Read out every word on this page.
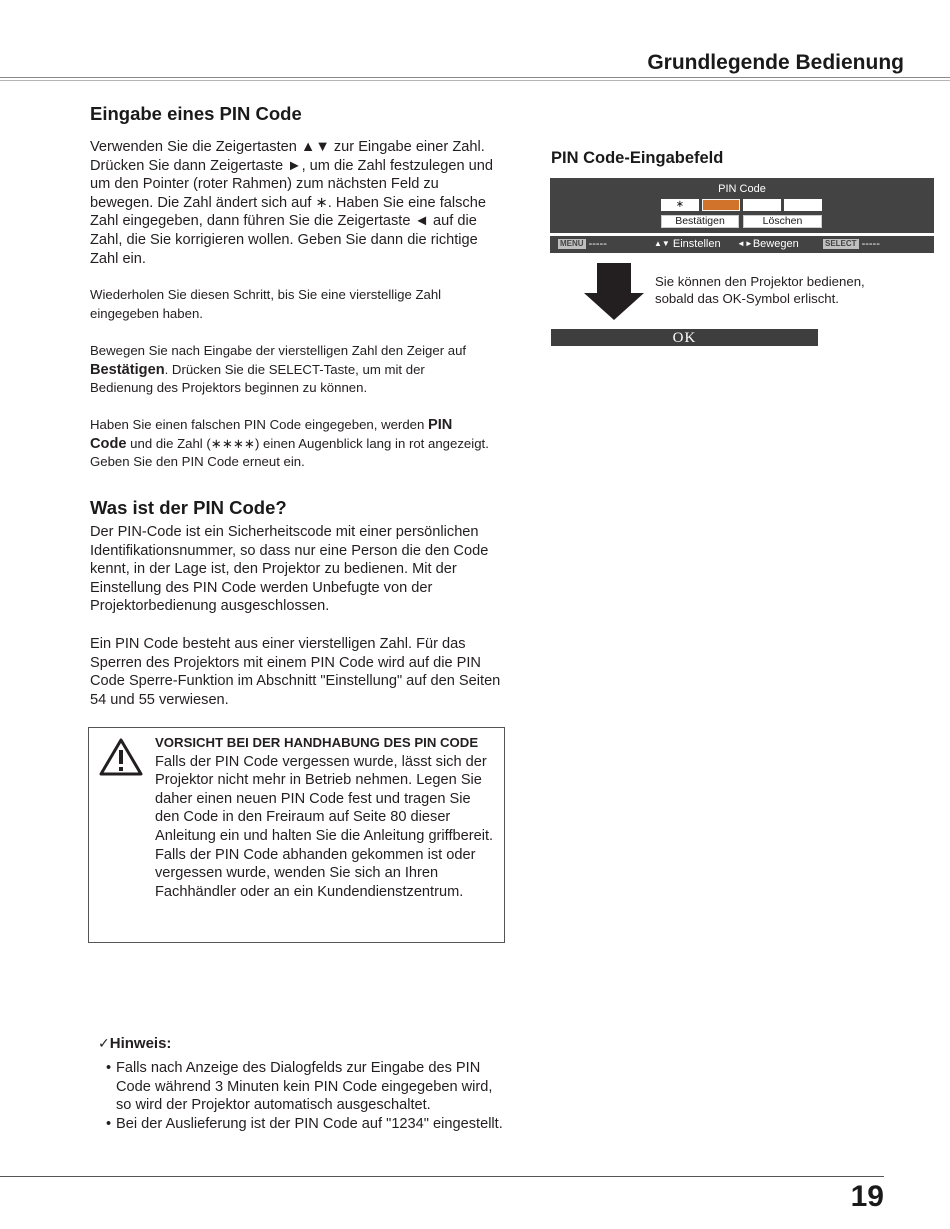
Grundlegende Bedienung
Eingabe eines PIN Code

Verwenden Sie die Zeigertasten ▲▼ zur Eingabe einer Zahl. Drücken Sie dann Zeigertaste ►, um die Zahl festzulegen und um den Pointer (roter Rahmen) zum nächsten Feld zu bewegen. Die Zahl ändert sich auf ∗. Haben Sie eine falsche Zahl eingegeben, dann führen Sie die Zeigertaste ◄ auf die Zahl, die Sie korrigieren wollen. Geben Sie dann die richtige Zahl ein.

Wiederholen Sie diesen Schritt, bis Sie eine vierstellige Zahl eingegeben haben.

Bewegen Sie nach Eingabe der vierstelligen Zahl den Zeiger auf Bestätigen. Drücken Sie die SELECT-Taste, um mit der Bedienung des Projektors beginnen zu können.

Haben Sie einen falschen PIN Code eingegeben, werden PIN Code und die Zahl (∗∗∗∗) einen Augenblick lang in rot angezeigt. Geben Sie den PIN Code erneut ein.

Was ist der PIN Code?

Der PIN-Code ist ein Sicherheitscode mit einer persönlichen Identifikationsnummer, so dass nur eine Person die den Code kennt, in der Lage ist, den Projektor zu bedienen. Mit der Einstellung des PIN Code werden Unbefugte von der Projektorbedienung ausgeschlossen.

Ein PIN Code besteht aus einer vierstelligen Zahl. Für das Sperren des Projektors mit einem PIN Code wird auf die PIN Code Sperre-Funktion im Abschnitt "Einstellung" auf den Seiten 54 und 55 verwiesen.

VORSICHT BEI DER HANDHABUNG DES PIN CODE

Falls der PIN Code vergessen wurde, lässt sich der Projektor nicht mehr in Betrieb nehmen. Legen Sie daher einen neuen PIN Code fest und tragen Sie den Code in den Freiraum auf Seite 80 dieser Anleitung ein und halten Sie die Anleitung griffbereit. Falls der PIN Code abhanden gekommen ist oder vergessen wurde, wenden Sie sich an Ihren Fachhändler oder an ein Kundendienstzentrum.

✓Hinweis:
• Falls nach Anzeige des Dialogfelds zur Eingabe des PIN Code während 3 Minuten kein PIN Code eingegeben wird, so wird der Projektor automatisch ausgeschaltet.
• Bei der Auslieferung ist der PIN Code auf "1234" eingestellt.
PIN Code-Eingabefeld
PIN Code
∗
Bestätigen	Löschen
MENU -----	▲▼ Einstellen ◄►Bewegen	SELECT -----
Sie können den Projektor bedienen, sobald das OK-Symbol erlischt.
OK
19
